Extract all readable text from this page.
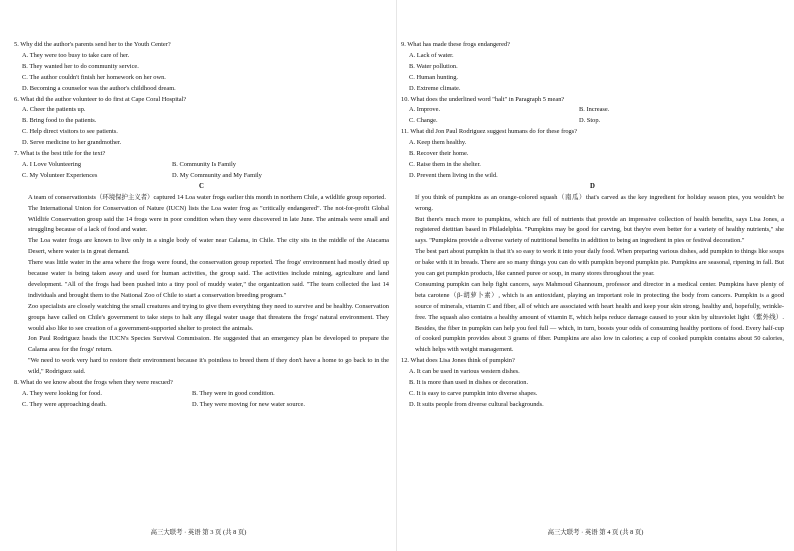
5. Why did the author's parents send her to the Youth Center?
A. They were too busy to take care of her.
B. They wanted her to do community service.
C. The author couldn't finish her homework on her own.
D. Becoming a counselor was the author's childhood dream.
6. What did the author volunteer to do first at Cape Coral Hospital?
A. Cheer the patients up.
B. Bring food to the patients.
C. Help direct visitors to see patients.
D. Serve medicine to her grandmother.
7. What is the best title for the text?
A. I Love Volunteering	B. Community Is Family
C. My Volunteer Experiences	D. My Community and My Family
C
A team of conservationists（环境保护主义者）captured 14 Loa water frogs earlier this month in northern Chile, a wildlife group reported.
The International Union for Conservation of Nature (IUCN) lists the Loa water frog as "critically endangered". The not-for-profit Global Wildlife Conservation group said the 14 frogs were in poor condition when they were discovered in late June. The animals were small and struggling because of a lack of food and water.
The Loa water frogs are known to live only in a single body of water near Calama, in Chile. The city sits in the middle of the Atacama Desert, where water is in great demand.
There was little water in the area where the frogs were found, the conservation group reported. The frogs' environment had mostly dried up because water is being taken away and used for human activities, the group said. The activities include mining, agriculture and land development. "All of the frogs had been pushed into a tiny pool of muddy water," the organization said. "The team collected the last 14 individuals and brought them to the National Zoo of Chile to start a conservation breeding program."
Zoo specialists are closely watching the small creatures and trying to give them everything they need to survive and be healthy. Conservation groups have called on Chile's government to take steps to halt any illegal water usage that threatens the frogs' natural environment. They would also like to see creation of a government-supported shelter to protect the animals.
Jon Paul Rodriguez heads the IUCN's Species Survival Commission. He suggested that an emergency plan be developed to prepare the Calama area for the frogs' return.
"We need to work very hard to restore their environment because it's pointless to breed them if they don't have a home to go back to in the wild," Rodriguez said.
8. What do we know about the frogs when they were rescued?
A. They were looking for food.	B. They were in good condition.
C. They were approaching death.	D. They were moving for new water source.
高三大联考 · 英语 第 3 页 (共 8 页)
9. What has made these frogs endangered?
A. Lack of water.
B. Water pollution.
C. Human hunting.
D. Extreme climate.
10. What does the underlined word "halt" in Paragraph 5 mean?
A. Improve.	B. Increase.
C. Change.	D. Stop.
11. What did Jon Paul Rodriguez suggest humans do for these frogs?
A. Keep them healthy.
B. Recover their home.
C. Raise them in the shelter.
D. Prevent them living in the wild.
D
If you think of pumpkins as an orange-colored squash（南瓜）that's carved as the key ingredient for holiday season pies, you wouldn't be wrong.
But there's much more to pumpkins, which are full of nutrients that provide an impressive collection of health benefits, says Lisa Jones, a registered dietitian based in Philadelphia. "Pumpkins may be good for carving, but they're even better for a variety of healthy nutrients," she says. "Pumpkins provide a diverse variety of nutritional benefits in addition to being an ingredient in pies or festival decoration."
The best part about pumpkin is that it's so easy to work it into your daily food. When preparing various dishes, add pumpkin to things like soups or bake with it in breads. There are so many things you can do with pumpkin beyond pumpkin pie. Pumpkins are seasonal, ripening in fall. But you can get pumpkin products, like canned puree or soup, in many stores throughout the year.
Consuming pumpkin can help fight cancers, says Mahmoud Ghannoum, professor and director in a medical center. Pumpkins have plenty of beta carotene（β-胡萝卜素）, which is an antioxidant, playing an important role in protecting the body from cancers. Pumpkin is a good source of minerals, vitamin C and fiber, all of which are associated with heart health and keep your skin strong, healthy and, hopefully, wrinkle-free. The squash also contains a healthy amount of vitamin E, which helps reduce damage caused to your skin by ultraviolet light（紫外线）. Besides, the fiber in pumpkin can help you feel full — which, in turn, boosts your odds of consuming healthy portions of food. Every half-cup of cooked pumpkin provides about 3 grams of fiber. Pumpkins are also low in calories; a cup of cooked pumpkin contains about 50 calories, which helps with weight management.
12. What does Lisa Jones think of pumpkin?
A. It can be used in various western dishes.
B. It is more than used in dishes or decoration.
C. It is easy to carve pumpkin into diverse shapes.
D. It suits people from diverse cultural backgrounds.
高三大联考 · 英语 第 4 页 (共 8 页)
